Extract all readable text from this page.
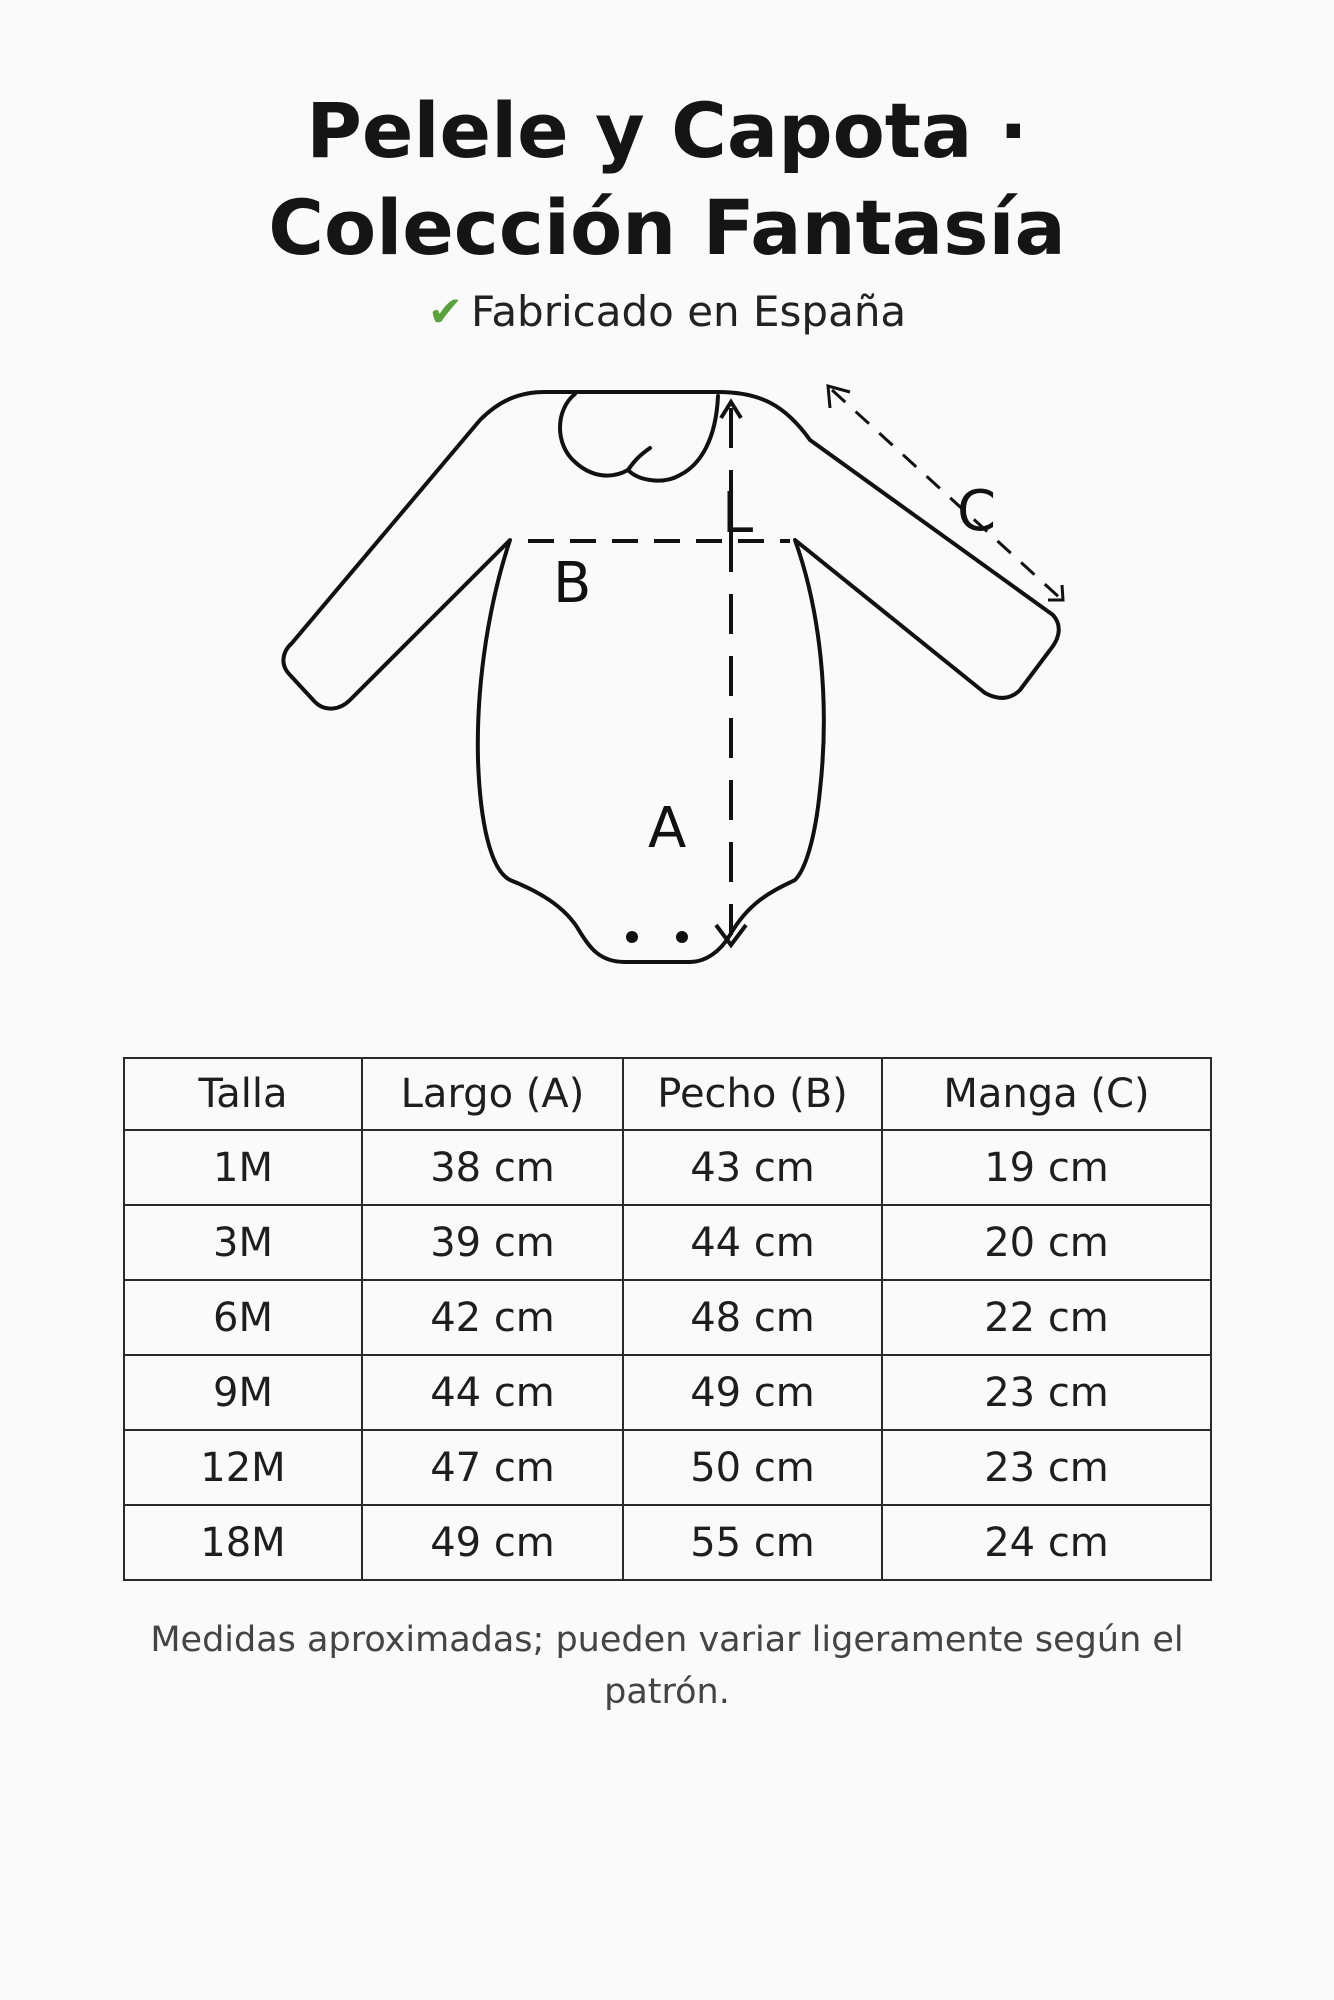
Pelele y Capota ·
Colección Fantasía
✔ Fabricado en España
L
B
A
C
Talla	Largo (A)	Pecho (B)	Manga (C)
1M	38 cm	43 cm	19 cm
3M	39 cm	44 cm	20 cm
6M	42 cm	48 cm	22 cm
9M	44 cm	49 cm	23 cm
12M	47 cm	50 cm	23 cm
18M	49 cm	55 cm	24 cm
Medidas aproximadas; pueden variar ligeramente según el patrón.
